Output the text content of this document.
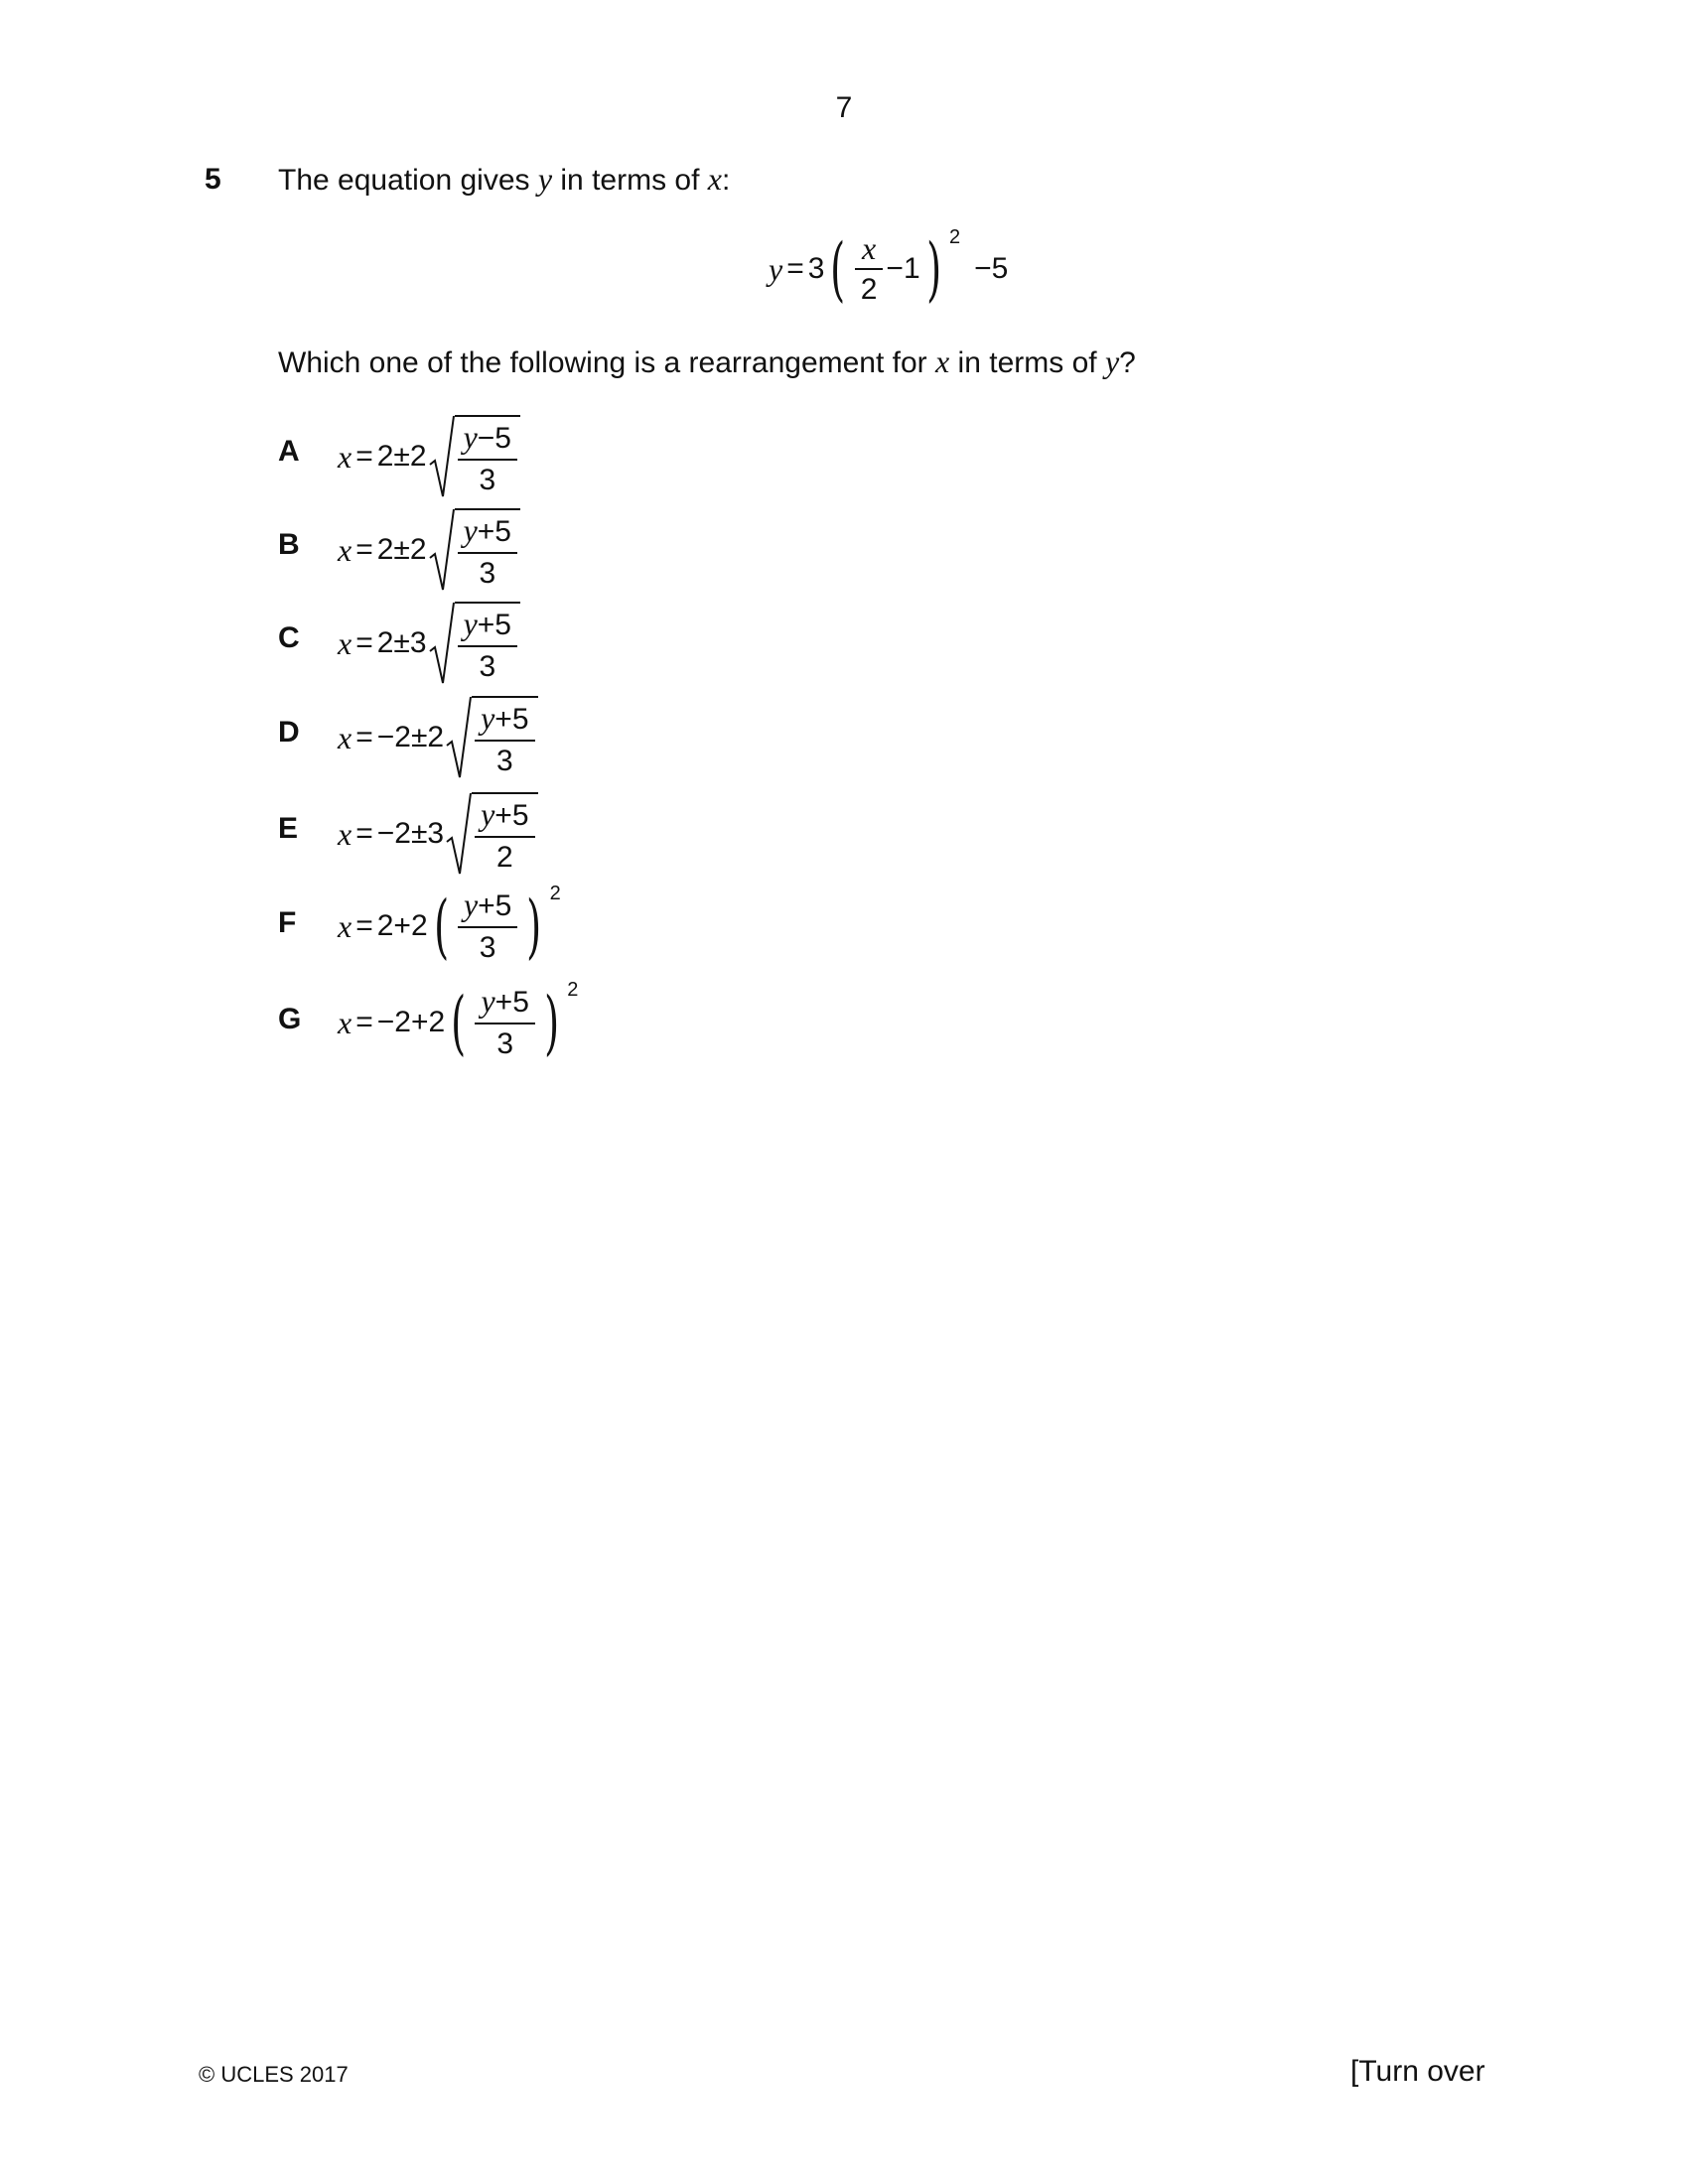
7
5 The equation gives y in terms of x:
y = 3 ( $\frac{x}{2} -1$ ) 2
−5
Which one of the following is a rearrangement for x in terms of y?
A $x = 2\pm 2 \frac{y-5}{3}$
B $x = 2\pm 2 \frac{y+5}{3}$
C $x = 2\pm 3 \frac{y+5}{3}$
D $x = -2\pm 2 \frac{y+5}{3}$
E $x = -2\pm 3 \frac{y+5}{2}$
F x = 2+2 ( $\frac{y+5}{3}$ ) 2
G x = −2+2 ( $\frac{y+5}{3}$ ) 2
© UCLES 2017	[Turn over
